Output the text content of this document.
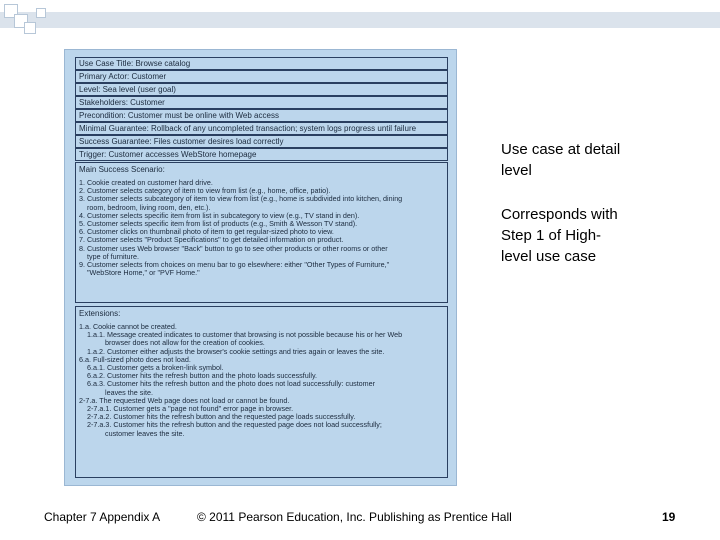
Use Case Title: Browse catalog
Primary Actor: Customer
Level: Sea level (user goal)
Stakeholders: Customer
Precondition: Customer must be online with Web access
Minimal Guarantee: Rollback of any uncompleted transaction; system logs progress until failure
Success Guarantee: Files customer desires load correctly
Trigger: Customer accesses WebStore homepage
Main Success Scenario:
1. Cookie created on customer hard drive.
2. Customer selects category of item to view from list (e.g., home, office, patio).
3. Customer selects subcategory of item to view from list (e.g., home is subdivided into kitchen, dining
room, bedroom, living room, den, etc.).
4. Customer selects specific item from list in subcategory to view (e.g., TV stand in den).
5. Customer selects specific item from list of products (e.g., Smith & Wesson TV stand).
6. Customer clicks on thumbnail photo of item to get regular-sized photo to view.
7. Customer selects "Product Specifications" to get detailed information on product.
8. Customer uses Web browser "Back" button to go to see other products or other rooms or other
type of furniture.
9. Customer selects from choices on menu bar to go elsewhere: either "Other Types of Furniture,"
"WebStore Home," or "PVF Home."
Extensions:
1.a. Cookie cannot be created.
1.a.1. Message created indicates to customer that browsing is not possible because his or her Web
browser does not allow for the creation of cookies.
1.a.2. Customer either adjusts the browser's cookie settings and tries again or leaves the site.
6.a. Full-sized photo does not load.
6.a.1. Customer gets a broken-link symbol.
6.a.2. Customer hits the refresh button and the photo loads successfully.
6.a.3. Customer hits the refresh button and the photo does not load successfully: customer
leaves the site.
2-7.a. The requested Web page does not load or cannot be found.
2-7.a.1. Customer gets a "page not found" error page in browser.
2-7.a.2. Customer hits the refresh button and the requested page loads successfully.
2-7.a.3. Customer hits the refresh button and the requested page does not load successfully;
customer leaves the site.
Use case at detail
level
Corresponds with
Step 1 of High-
level use case
Chapter 7 Appendix A	© 2011 Pearson Education, Inc. Publishing as Prentice Hall	19
